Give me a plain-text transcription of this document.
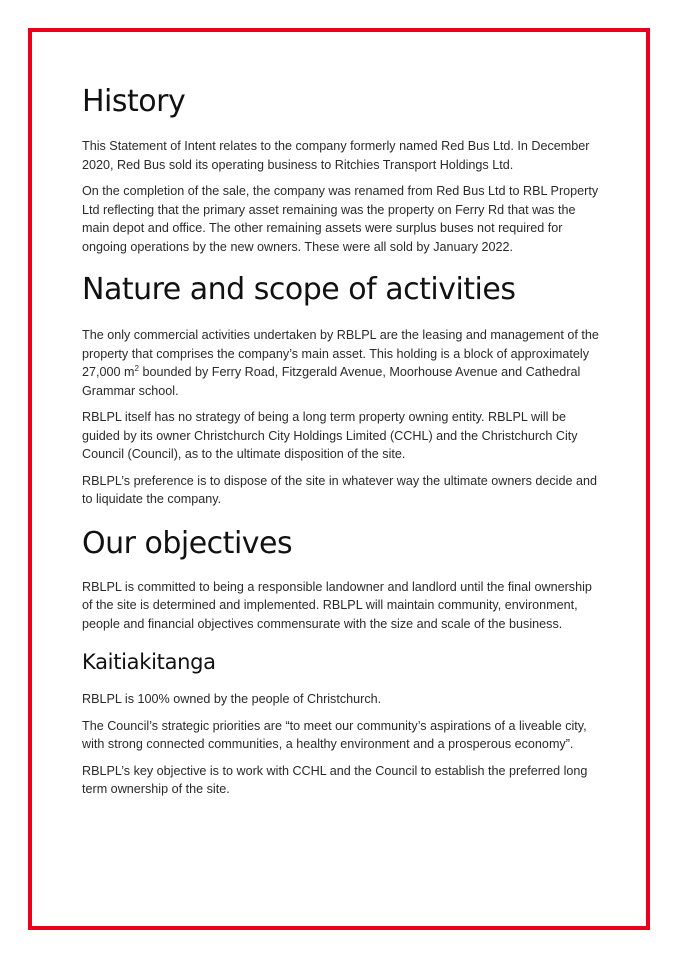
History

This Statement of Intent relates to the company formerly named Red Bus Ltd. In December 2020, Red Bus sold its operating business to Ritchies Transport Holdings Ltd.

On the completion of the sale, the company was renamed from Red Bus Ltd to RBL Property Ltd reflecting that the primary asset remaining was the property on Ferry Rd that was the main depot and office. The other remaining assets were surplus buses not required for ongoing operations by the new owners. These were all sold by January 2022.

Nature and scope of activities

The only commercial activities undertaken by RBLPL are the leasing and management of the property that comprises the company’s main asset. This holding is a block of approximately 27,000 $m^2$ bounded by Ferry Road, Fitzgerald Avenue, Moorhouse Avenue and Cathedral Grammar school.

RBLPL itself has no strategy of being a long term property owning entity. RBLPL will be guided by its owner Christchurch City Holdings Limited (CCHL) and the Christchurch City Council (Council), as to the ultimate disposition of the site.

RBLPL’s preference is to dispose of the site in whatever way the ultimate owners decide and to liquidate the company.

Our objectives

RBLPL is committed to being a responsible landowner and landlord until the final ownership of the site is determined and implemented. RBLPL will maintain community, environment, people and financial objectives commensurate with the size and scale of the business.

Kaitiakitanga

RBLPL is 100% owned by the people of Christchurch.

The Council’s strategic priorities are “to meet our community’s aspirations of a liveable city, with strong connected communities, a healthy environment and a prosperous economy”.

RBLPL’s key objective is to work with CCHL and the Council to establish the preferred long term ownership of the site.
